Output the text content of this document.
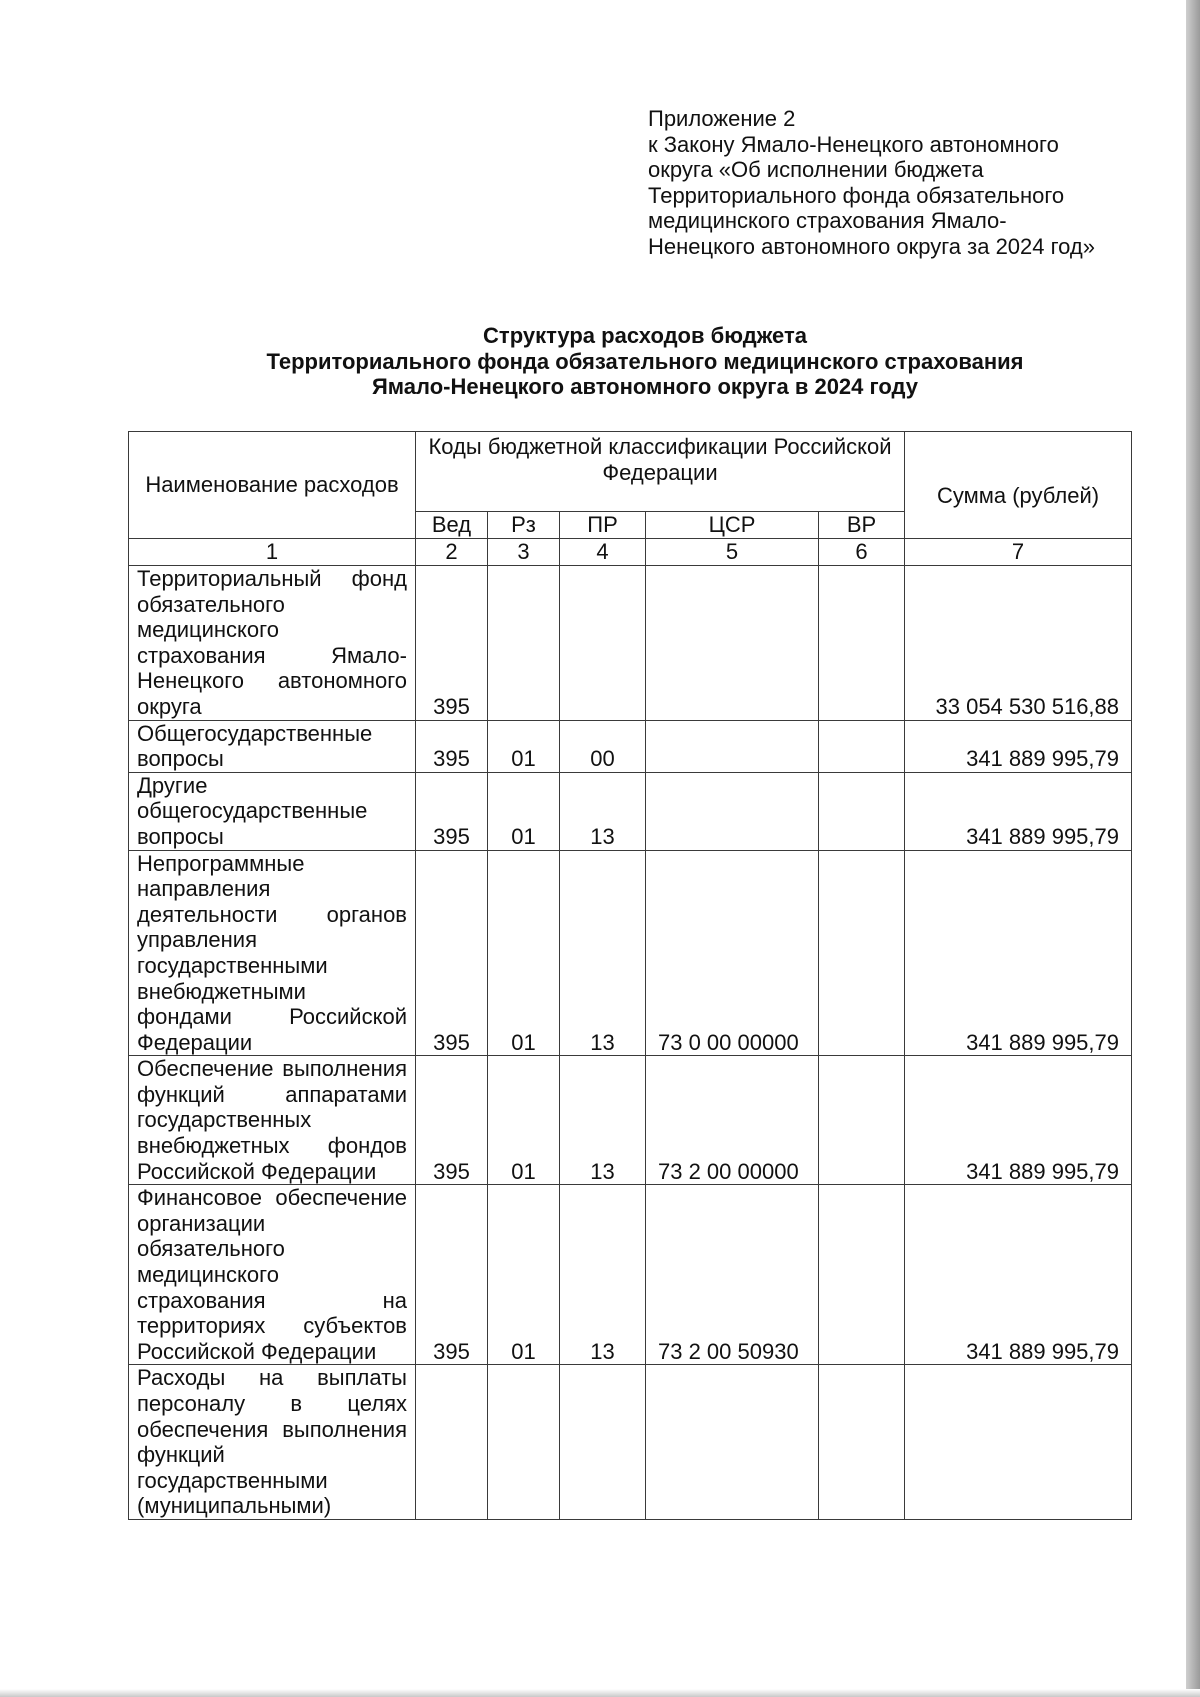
Приложение 2
к Закону Ямало-Ненецкого автономного
округа «Об исполнении бюджета
Территориального фонда обязательного
медицинского страхования Ямало-
Ненецкого автономного округа за 2024 год»
Структура расходов бюджета
Территориального фонда обязательного медицинского страхования
Ямало-Ненецкого автономного округа в 2024 году
Наименование расходов	Коды бюджетной классификации Российской Федерации					Сумма (рублей)
	Вед	Рз	ПР	ЦСР	ВР	
1	2	3	4	5	6	7
Территориальный фонд обязательного медицинского страхования Ямало-Ненецкого автономного округа	395					33 054 530 516,88
Общегосударственные вопросы	395	01	00			341 889 995,79
Другие общегосударственные вопросы	395	01	13			341 889 995,79
Непрограммные направления деятельности органов управления государственными внебюджетными фондами Российской Федерации	395	01	13	73 0 00 00000		341 889 995,79
Обеспечение выполнения функций аппаратами государственных внебюджетных фондов Российской Федерации	395	01	13	73 2 00 00000		341 889 995,79
Финансовое обеспечение организации обязательного медицинского страхования на территориях субъектов Российской Федерации	395	01	13	73 2 00 50930		341 889 995,79
Расходы на выплаты персоналу в целях обеспечения выполнения функций государственными (муниципальными)						
